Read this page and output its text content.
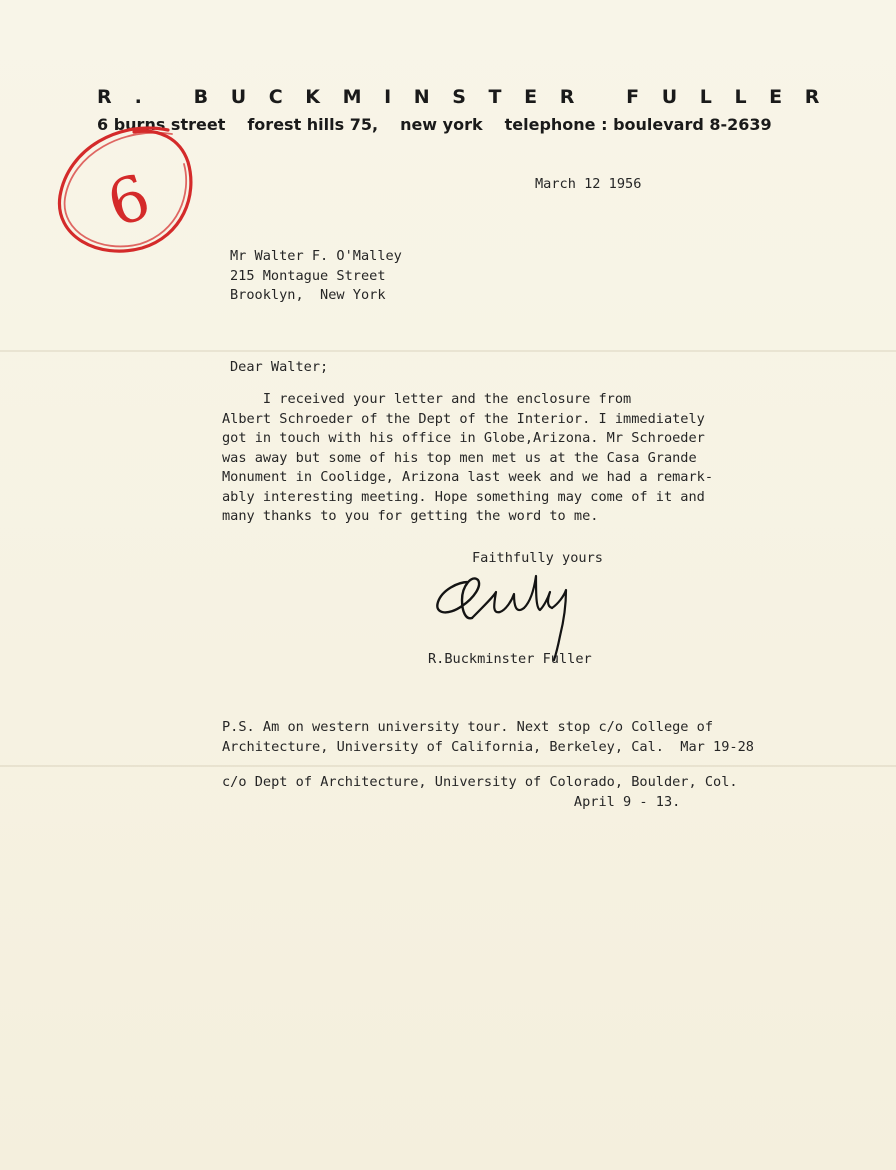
R. BUCKMINSTER FULLER
6 burns street forest hills 75, new york telephone : boulevard 8-2639
6	March 12 1956
Mr Walter F. O'Malley
215 Montague Street
Brooklyn,  New York
Dear Walter;
I received your letter and the enclosure from
Albert Schroeder of the Dept of the Interior. I immediately
got in touch with his office in Globe,Arizona. Mr Schroeder
was away but some of his top men met us at the Casa Grande
Monument in Coolidge, Arizona last week and we had a remark-
ably interesting meeting. Hope something may come of it and
many thanks to you for getting the word to me.
Faithfully yours
R.Buckminster Fuller
P.S. Am on western university tour. Next stop c/o College of
Architecture, University of California, Berkeley, Cal.  Mar 19-28
c/o Dept of Architecture, University of Colorado, Boulder, Col.
April 9 - 13.
